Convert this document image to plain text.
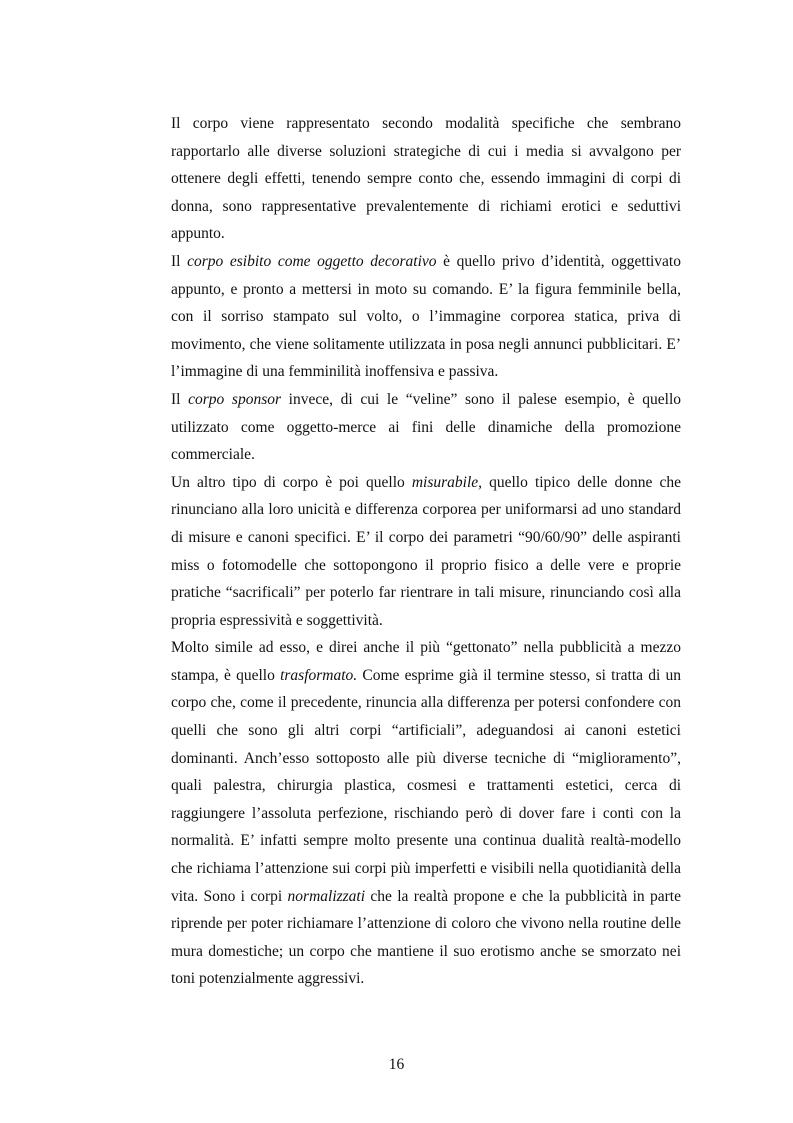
Il corpo viene rappresentato secondo modalità specifiche che sembrano rapportarlo alle diverse soluzioni strategiche di cui i media si avvalgono per ottenere degli effetti, tenendo sempre conto che, essendo immagini di corpi di donna, sono rappresentative prevalentemente di richiami erotici e seduttivi appunto.

Il corpo esibito come oggetto decorativo è quello privo d’identità, oggettivato appunto, e pronto a mettersi in moto su comando. E’ la figura femminile bella, con il sorriso stampato sul volto, o l’immagine corporea statica, priva di movimento, che viene solitamente utilizzata in posa negli annunci pubblicitari. E’ l’immagine di una femminilità inoffensiva e passiva.

Il corpo sponsor invece, di cui le “veline” sono il palese esempio, è quello utilizzato come oggetto-merce ai fini delle dinamiche della promozione commerciale.

Un altro tipo di corpo è poi quello misurabile, quello tipico delle donne che rinunciano alla loro unicità e differenza corporea per uniformarsi ad uno standard di misure e canoni specifici. E’ il corpo dei parametri “90/60/90” delle aspiranti miss o fotomodelle che sottopongono il proprio fisico a delle vere e proprie pratiche “sacrificali” per poterlo far rientrare in tali misure, rinunciando così alla propria espressività e soggettività.

Molto simile ad esso, e direi anche il più “gettonato” nella pubblicità a mezzo stampa, è quello trasformato. Come esprime già il termine stesso, si tratta di un corpo che, come il precedente, rinuncia alla differenza per potersi confondere con quelli che sono gli altri corpi “artificiali”, adeguandosi ai canoni estetici dominanti. Anch’esso sottoposto alle più diverse tecniche di “miglioramento”, quali palestra, chirurgia plastica, cosmesi e trattamenti estetici, cerca di raggiungere l’assoluta perfezione, rischiando però di dover fare i conti con la normalità. E’ infatti sempre molto presente una continua dualità realtà-modello che richiama l’attenzione sui corpi più imperfetti e visibili nella quotidianità della vita. Sono i corpi normalizzati che la realtà propone e che la pubblicità in parte riprende per poter richiamare l’attenzione di coloro che vivono nella routine delle mura domestiche; un corpo che mantiene il suo erotismo anche se smorzato nei toni potenzialmente aggressivi.

16
